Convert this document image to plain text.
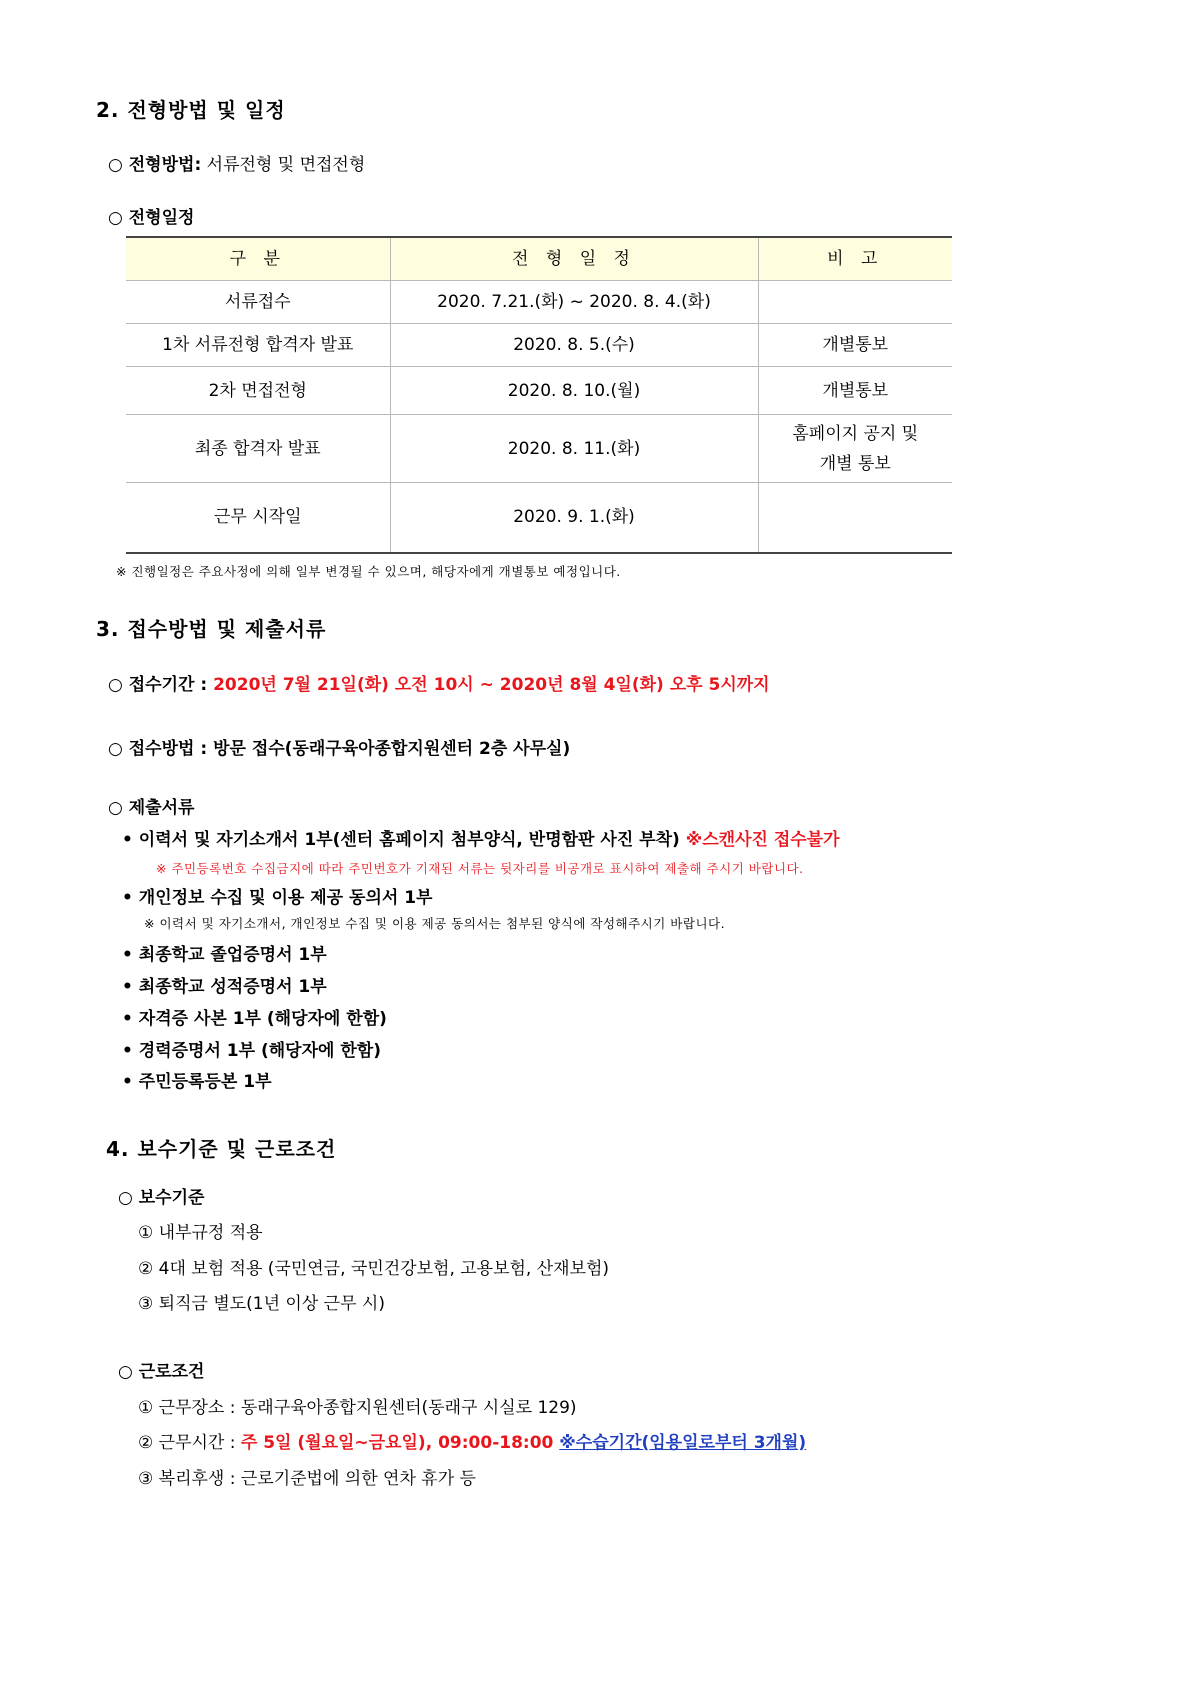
2. 전형방법 및 일정
○ 전형방법: 서류전형 및 면접전형
○ 전형일정
구 분	전 형 일 정	비 고
서류접수	2020. 7.21.(화) ~ 2020. 8. 4.(화)	
1차 서류전형 합격자 발표	2020. 8. 5.(수)	개별통보
2차 면접전형	2020. 8. 10.(월)	개별통보
최종 합격자 발표	2020. 8. 11.(화)	홈페이지 공지 및
개별 통보
근무 시작일	2020. 9. 1.(화)	
※ 진행일정은 주요사정에 의해 일부 변경될 수 있으며, 해당자에게 개별통보 예정입니다.
3. 접수방법 및 제출서류
○ 접수기간 : 2020년 7월 21일(화) 오전 10시 ~ 2020년 8월 4일(화) 오후 5시까지
○ 접수방법 : 방문 접수(동래구육아종합지원센터 2층 사무실)
○ 제출서류
• 이력서 및 자기소개서 1부(센터 홈페이지 첨부양식, 반명함판 사진 부착) ※스캔사진 접수불가
※ 주민등록번호 수집금지에 따라 주민번호가 기재된 서류는 뒷자리를 비공개로 표시하여 제출해 주시기 바랍니다.
• 개인정보 수집 및 이용 제공 동의서 1부
※ 이력서 및 자기소개서, 개인정보 수집 및 이용 제공 동의서는 첨부된 양식에 작성해주시기 바랍니다.
• 최종학교 졸업증명서 1부
• 최종학교 성적증명서 1부
• 자격증 사본 1부 (해당자에 한함)
• 경력증명서 1부 (해당자에 한함)
• 주민등록등본 1부
4. 보수기준 및 근로조건
○ 보수기준
① 내부규정 적용
② 4대 보험 적용 (국민연금, 국민건강보험, 고용보험, 산재보험)
③ 퇴직금 별도(1년 이상 근무 시)
○ 근로조건
① 근무장소 : 동래구육아종합지원센터(동래구 시실로 129)
② 근무시간 : 주 5일 (월요일~금요일), 09:00-18:00 ※수습기간(임용일로부터 3개월)
③ 복리후생 : 근로기준법에 의한 연차 휴가 등
